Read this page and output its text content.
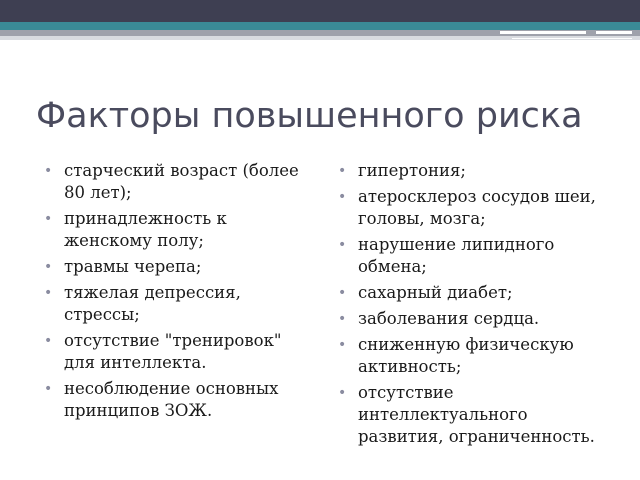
Факторы повышенного риска
• старческий возраст (более 80 лет);
• принадлежность к женскому полу;
• травмы черепа;
• тяжелая депрессия, стрессы;
• отсутствие "тренировок" для интеллекта.
• несоблюдение основных принципов ЗОЖ.
• гипертония;
• атеросклероз сосудов шеи, головы, мозга;
• нарушение липидного обмена;
• сахарный диабет;
• заболевания сердца.
• сниженную физическую активность;
• отсутствие интеллектуального развития, ограниченность.
